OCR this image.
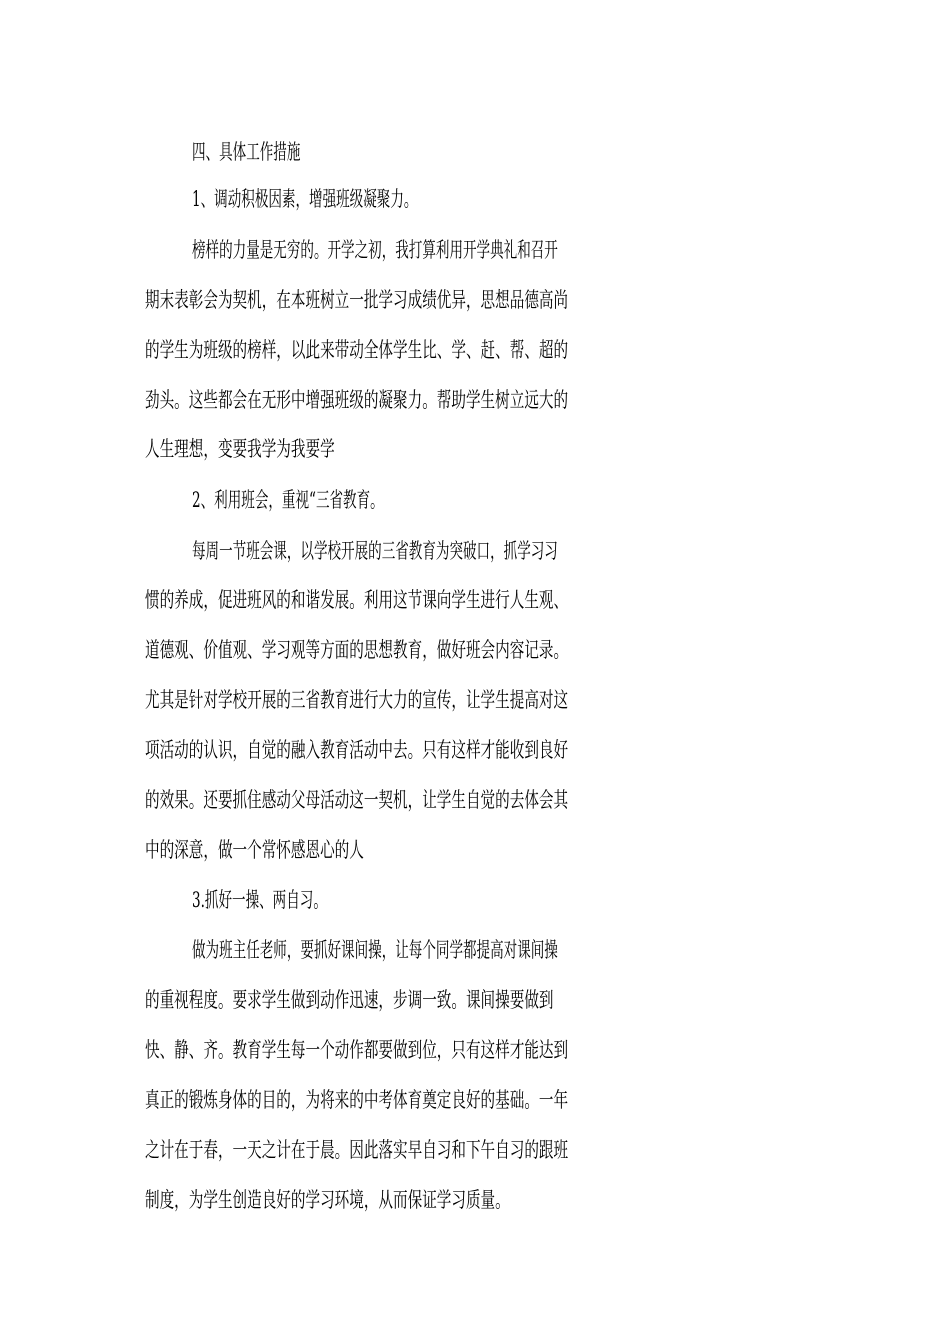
四、具体工作措施
1、调动积极因素，增强班级凝聚力。
榜样的力量是无穷的。开学之初，我打算利用开学典礼和召开
期末表彰会为契机，在本班树立一批学习成绩优异，思想品德高尚
的学生为班级的榜样，以此来带动全体学生比、学、赶、帮、超的
劲头。这些都会在无形中增强班级的凝聚力。帮助学生树立远大的
人生理想，变要我学为我要学
2、利用班会，重视“三省教育。
每周一节班会课，以学校开展的三省教育为突破口，抓学习习
惯的养成，促进班风的和谐发展。利用这节课向学生进行人生观、
道德观、价值观、学习观等方面的思想教育，做好班会内容记录。
尤其是针对学校开展的三省教育进行大力的宣传，让学生提高对这
项活动的认识，自觉的融入教育活动中去。只有这样才能收到良好
的效果。还要抓住感动父母活动这一契机，让学生自觉的去体会其
中的深意，做一个常怀感恩心的人
3.抓好一操、两自习。
做为班主任老师，要抓好课间操，让每个同学都提高对课间操
的重视程度。要求学生做到动作迅速，步调一致。课间操要做到
快、静、齐。教育学生每一个动作都要做到位，只有这样才能达到
真正的锻炼身体的目的，为将来的中考体育奠定良好的基础。一年
之计在于春，一天之计在于晨。因此落实早自习和下午自习的跟班
制度，为学生创造良好的学习环境，从而保证学习质量。
